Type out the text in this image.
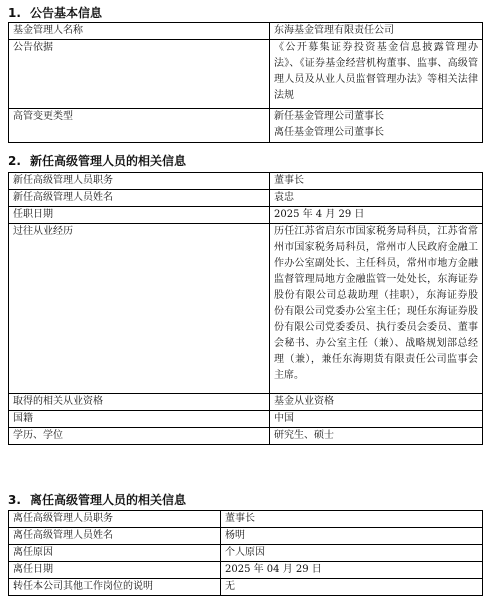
1. 公告基本信息
基金管理人名称	东海基金管理有限责任公司
公告依据	《公开募集证券投资基金信息披露管理办法》、《证券基金经营机构董事、监事、高级管理人员及从业人员监督管理办法》等相关法律法规
高管变更类型	新任基金管理公司董事长
离任基金管理公司董事长
2. 新任高级管理人员的相关信息
新任高级管理人员职务	董事长
新任高级管理人员姓名	袁忠
任职日期	2025 年 4 月 29 日
过往从业经历	历任江苏省启东市国家税务局科员，江苏省常州市国家税务局科员，常州市人民政府金融工作办公室副处长、主任科员，常州市地方金融监督管理局地方金融监管一处处长，东海证券股份有限公司总裁助理（挂职），东海证券股份有限公司党委办公室主任；现任东海证券股份有限公司党委委员、执行委员会委员、董事会秘书、办公室主任（兼）、战略规划部总经理（兼），兼任东海期货有限责任公司监事会主席。
取得的相关从业资格	基金从业资格
国籍	中国
学历、学位	研究生、硕士
3. 离任高级管理人员的相关信息
离任高级管理人员职务	董事长
离任高级管理人员姓名	杨明
离任原因	个人原因
离任日期	2025 年 04 月 29 日
转任本公司其他工作岗位的说明	无
